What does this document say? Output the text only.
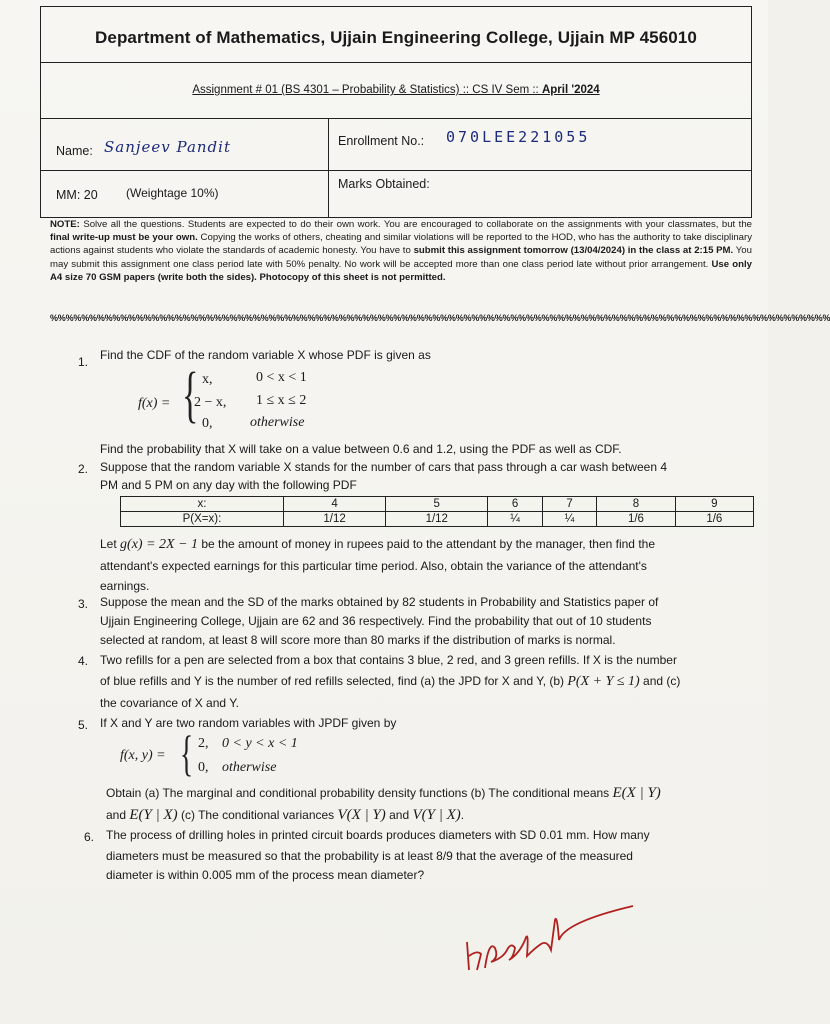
Department of Mathematics, Ujjain Engineering College, Ujjain MP 456010
Assignment # 01 (BS 4301 – Probability & Statistics) :: CS IV Sem :: April '2024
Name: Sanjeev Pandit	Enrollment No.: 070LEE221055
MM: 20 (Weightage 10%)
Marks Obtained:
NOTE: Solve all the questions. Students are expected to do their own work. You are encouraged to collaborate on the assignments with your classmates, but the final write-up must be your own. Copying the works of others, cheating and similar violations will be reported to the HOD, who has the authority to take disciplinary actions against students who violate the standards of academic honesty. You have to submit this assignment tomorrow (13/04/2024) in the class at 2:15 PM. You may submit this assignment one class period late with 50% penalty. No work will be accepted more than one class period late without prior arrangement. Use only A4 size 70 GSM papers (write both the sides). Photocopy of this sheet is not permitted.
%%%%%%%%%%%%%%%%%%%%%%%%%%%%%%%%%%%%%%%%%%%%%%%%%%%%%%%%%%%%%%%%%%%%%%%%%%%%%%%%%%%%%%%%%%%%%%%%%%%%
1. Find the CDF of the random variable X whose PDF is given as
f(x) = { x,	0 < x < 1
2 − x, 1 ≤ x ≤ 2
0,	otherwise
Find the probability that X will take on a value between 0.6 and 1.2, using the PDF as well as CDF.
2. Suppose that the random variable X stands for the number of cars that pass through a car wash between 4
PM and 5 PM on any day with the following PDF
x:	4	5	6	7	8	9
P(X=x):	1/12	1/12	¼	¼	1/6	1/6
Let g(x) = 2X − 1 be the amount of money in rupees paid to the attendant by the manager, then find the
attendant's expected earnings for this particular time period. Also, obtain the variance of the attendant's
earnings.
3. Suppose the mean and the SD of the marks obtained by 82 students in Probability and Statistics paper of
Ujjain Engineering College, Ujjain are 62 and 36 respectively. Find the probability that out of 10 students
selected at random, at least 8 will score more than 80 marks if the distribution of marks is normal.
4. Two refills for a pen are selected from a box that contains 3 blue, 2 red, and 3 green refills. If X is the number
of blue refills and Y is the number of red refills selected, find (a) the JPD for X and Y, (b) P(X + Y ≤ 1) and (c)
the covariance of X and Y.
5. If X and Y are two random variables with JPDF given by
f(x, y) = { 2, 0 < y < x < 1
0, otherwise
Obtain (a) The marginal and conditional probability density functions (b) The conditional means E(X | Y)
and E(Y | X) (c) The conditional variances V(X | Y) and V(Y | X).
6. The process of drilling holes in printed circuit boards produces diameters with SD 0.01 mm. How many
diameters must be measured so that the probability is at least 8/9 that the average of the measured
diameter is within 0.005 mm of the process mean diameter?
